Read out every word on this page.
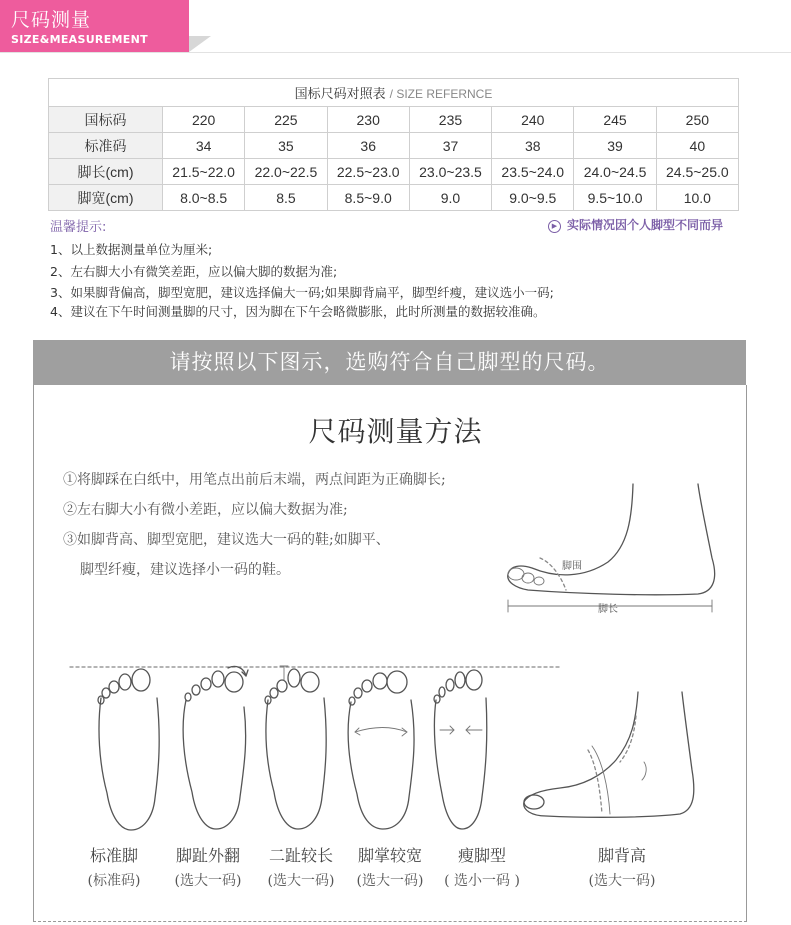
尺码测量
SIZE&MEASUREMENT
国标尺码对照表 / SIZE REFERNCE							
国标码	220	225	230	235	240	245	250
标准码	34	35	36	37	38	39	40
脚长(cm)	21.5~22.0	22.0~22.5	22.5~23.0	23.0~23.5	23.5~24.0	24.0~24.5	24.5~25.0
脚宽(cm)	8.0~8.5	8.5	8.5~9.0	9.0	9.0~9.5	9.5~10.0	10.0
温馨提示:	▶ 实际情况因个人脚型不同而异
1、以上数据测量单位为厘米;
2、左右脚大小有微笑差距，应以偏大脚的数据为准;
3、如果脚背偏高，脚型宽肥，建议选择偏大一码;如果脚背扁平，脚型纤瘦，建议选小一码;
4、建议在下午时间测量脚的尺寸，因为脚在下午会略微膨胀，此时所测量的数据较准确。
请按照以下图示，选购符合自己脚型的尺码。
尺码测量方法
①将脚踩在白纸中，用笔点出前后末端，两点间距为正确脚长;
②左右脚大小有微小差距，应以偏大数据为准;
③如脚背高、脚型宽肥，建议选大一码的鞋;如脚平、
脚型纤瘦，建议选择小一码的鞋。	脚围
脚长
标准脚
(标准码)
脚趾外翻
(选大一码)
二趾较长
(选大一码)
脚掌较宽
(选大一码)
瘦脚型
( 选小一码 )
脚背高
(选大一码)
